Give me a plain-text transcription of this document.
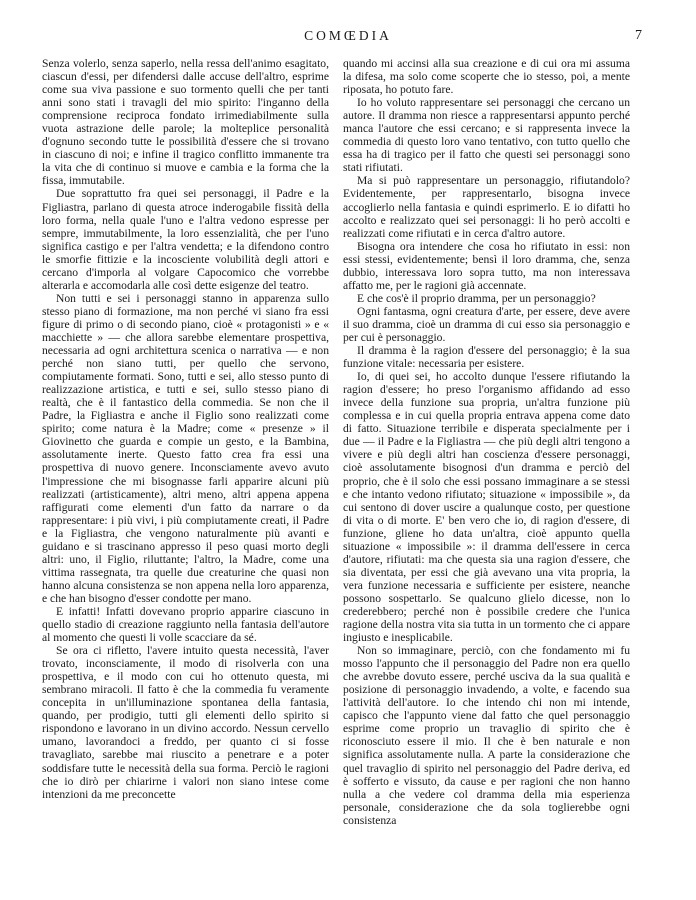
COMŒDIA	7

Senza volerlo, senza saperlo, nella ressa dell'animo esagitato, ciascun d'essi, per difendersi dalle accuse dell'altro, esprime come sua viva passione e suo tormento quelli che per tanti anni sono stati i travagli del mio spirito: l'inganno della comprensione reciproca fondato irrimediabilmente sulla vuota astrazione delle parole; la molteplice personalità d'ognuno secondo tutte le possibilità d'essere che si trovano in ciascuno di noi; e infine il tragico conflitto immanente tra la vita che di continuo si muove e cambia e la forma che la fissa, immutabile.

Due soprattutto fra quei sei personaggi, il Padre e la Figliastra, parlano di questa atroce inderogabile fissità della loro forma, nella quale l'uno e l'altra vedono espresse per sempre, immutabilmente, la loro essenzialità, che per l'uno significa castigo e per l'altra vendetta; e la difendono contro le smorfie fittizie e la incosciente volubilità degli attori e cercano d'imporla al volgare Capocomico che vorrebbe alterarla e accomodarla alle così dette esigenze del teatro.

Non tutti e sei i personaggi stanno in apparenza sullo stesso piano di formazione, ma non perché vi siano fra essi figure di primo o di secondo piano, cioè « protagonisti » e « macchiette » — che allora sarebbe elementare prospettiva, necessaria ad ogni architettura scenica o narrativa — e non perché non siano tutti, per quello che servono, compiutamente formati. Sono, tutti e sei, allo stesso punto di realizzazione artistica, e tutti e sei, sullo stesso piano di realtà, che è il fantastico della commedia. Se non che il Padre, la Figliastra e anche il Figlio sono realizzati come spirito; come natura è la Madre; come « presenze » il Giovinetto che guarda e compie un gesto, e la Bambina, assolutamente inerte. Questo fatto crea fra essi una prospettiva di nuovo genere. Inconsciamente avevo avuto l'impressione che mi bisognasse farli apparire alcuni più realizzati (artisticamente), altri meno, altri appena appena raffigurati come elementi d'un fatto da narrare o da rappresentare: i più vivi, i più compiutamente creati, il Padre e la Figliastra, che vengono naturalmente più avanti e guidano e si trascinano appresso il peso quasi morto degli altri: uno, il Figlio, riluttante; l'altro, la Madre, come una vittima rassegnata, tra quelle due creaturine che quasi non hanno alcuna consistenza se non appena nella loro apparenza, e che han bisogno d'esser condotte per mano.

E infatti! Infatti dovevano proprio apparire ciascuno in quello stadio di creazione raggiunto nella fantasia dell'autore al momento che questi li volle scacciare da sé.

Se ora ci rifletto, l'avere intuito questa necessità, l'aver trovato, inconsciamente, il modo di risolverla con una prospettiva, e il modo con cui ho ottenuto questa, mi sembrano miracoli. Il fatto è che la commedia fu veramente concepita in un'illuminazione spontanea della fantasia, quando, per prodigio, tutti gli elementi dello spirito si rispondono e lavorano in un divino accordo. Nessun cervello umano, lavorandoci a freddo, per quanto ci si fosse travagliato, sarebbe mai riuscito a penetrare e a poter soddisfare tutte le necessità della sua forma. Perciò le ragioni che io dirò per chiarirne i valori non siano intese come intenzioni da me preconcette

quando mi accinsi alla sua creazione e di cui ora mi assuma la difesa, ma solo come scoperte che io stesso, poi, a mente riposata, ho potuto fare.

Io ho voluto rappresentare sei personaggi che cercano un autore. Il dramma non riesce a rappresentarsi appunto perché manca l'autore che essi cercano; e si rappresenta invece la commedia di questo loro vano tentativo, con tutto quello che essa ha di tragico per il fatto che questi sei personaggi sono stati rifiutati.

Ma si può rappresentare un personaggio, rifiutandolo? Evidentemente, per rappresentarlo, bisogna invece accoglierlo nella fantasia e quindi esprimerlo. E io difatti ho accolto e realizzato quei sei personaggi: li ho però accolti e realizzati come rifiutati e in cerca d'altro autore.

Bisogna ora intendere che cosa ho rifiutato in essi: non essi stessi, evidentemente; bensì il loro dramma, che, senza dubbio, interessava loro sopra tutto, ma non interessava affatto me, per le ragioni già accennate.

E che cos'è il proprio dramma, per un personaggio?

Ogni fantasma, ogni creatura d'arte, per essere, deve avere il suo dramma, cioè un dramma di cui esso sia personaggio e per cui è personaggio.

Il dramma è la ragion d'essere del personaggio; è la sua funzione vitale: necessaria per esistere.

Io, di quei sei, ho accolto dunque l'essere rifiutando la ragion d'essere; ho preso l'organismo affidando ad esso invece della funzione sua propria, un'altra funzione più complessa e in cui quella propria entrava appena come dato di fatto. Situazione terribile e disperata specialmente per i due — il Padre e la Figliastra — che più degli altri tengono a vivere e più degli altri han coscienza d'essere personaggi, cioè assolutamente bisognosi d'un dramma e perciò del proprio, che è il solo che essi possano immaginare a se stessi e che intanto vedono rifiutato; situazione « impossibile », da cui sentono di dover uscire a qualunque costo, per questione di vita o di morte. E' ben vero che io, di ragion d'essere, di funzione, gliene ho data un'altra, cioè appunto quella situazione « impossibile »: il dramma dell'essere in cerca d'autore, rifiutati: ma che questa sia una ragion d'essere, che sia diventata, per essi che già avevano una vita propria, la vera funzione necessaria e sufficiente per esistere, neanche possono sospettarlo. Se qualcuno glielo dicesse, non lo crederebbero; perché non è possibile credere che l'unica ragione della nostra vita sia tutta in un tormento che ci appare ingiusto e inesplicabile.

Non so immaginare, perciò, con che fondamento mi fu mosso l'appunto che il personaggio del Padre non era quello che avrebbe dovuto essere, perché usciva da la sua qualità e posizione di personaggio invadendo, a volte, e facendo sua l'attività dell'autore. Io che intendo chi non mi intende, capisco che l'appunto viene dal fatto che quel personaggio esprime come proprio un travaglio di spirito che è riconosciuto essere il mio. Il che è ben naturale e non significa assolutamente nulla. A parte la considerazione che quel travaglio di spirito nel personaggio del Padre deriva, ed è sofferto e vissuto, da cause e per ragioni che non hanno nulla a che vedere col dramma della mia esperienza personale, considerazione che da sola toglierebbe ogni consistenza
